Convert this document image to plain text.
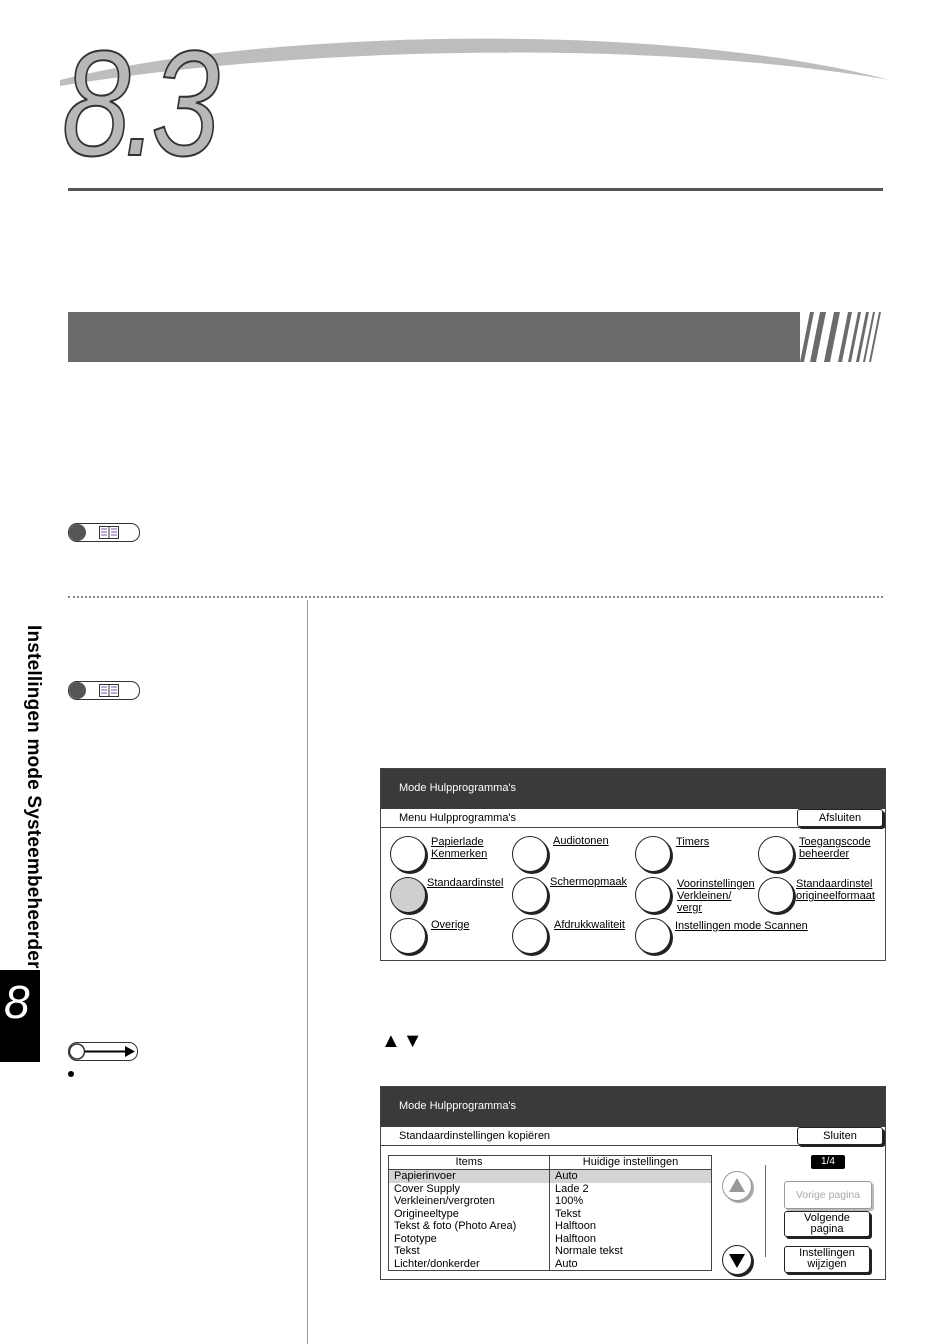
8.3
Instellingen mode Systeembeheerder
8
Mode Hulpprogramma's
Menu Hulpprogramma's	Afsluiten
Papierlade
Kenmerken
Audiotonen	Timers	Toegangscode
beheerder
Standaardinstel	Schermopmaak	Voorinstellingen
Verkleinen/
vergr
Standaardinstel
origineelformaat
Overige	Afdrukkwaliteit	Instellingen mode Scannen
▲▼
Mode Hulpprogramma's
Standaardinstellingen kopiëren	Sluiten
Items	Huidige instellingen
Papierinvoer	Auto
Cover Supply	Lade 2
Verkleinen/vergroten	100%
Origineeltype	Tekst
Tekst & foto (Photo Area)	Halftoon
Fototype	Halftoon
Tekst	Normale tekst
Lichter/donkerder	Auto
1/4
Vorige pagina
Volgende
pagina
Instellingen
wijzigen
